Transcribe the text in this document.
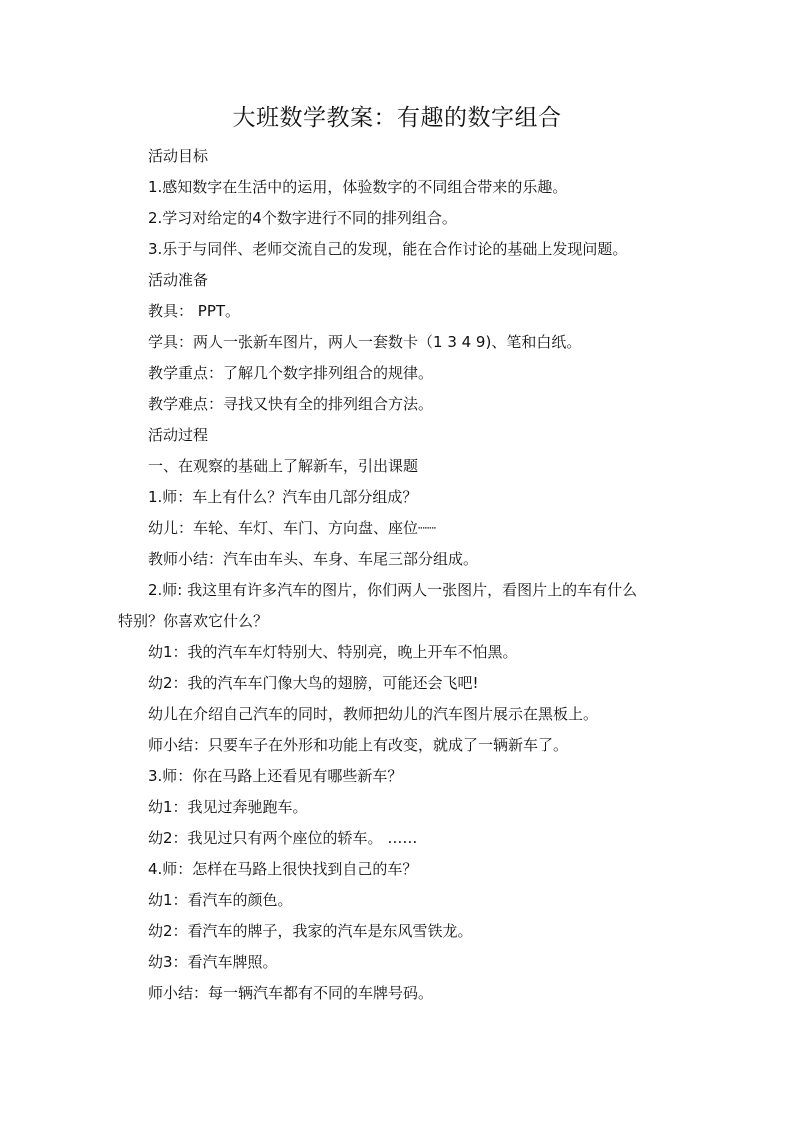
大班数学教案：有趣的数字组合
活动目标
1.感知数字在生活中的运用，体验数字的不同组合带来的乐趣。
2.学习对给定的4个数字进行不同的排列组合。
3.乐于与同伴、老师交流自己的发现，能在合作讨论的基础上发现问题。
活动准备
教具： PPT。
学具：两人一张新车图片，两人一套数卡（1 3 4 9)、笔和白纸。
教学重点：了解几个数字排列组合的规律。
教学难点：寻找又快有全的排列组合方法。
活动过程
一、在观察的基础上了解新车，引出课题
1.师：车上有什么？汽车由几部分组成？
幼儿：车轮、车灯、车门、方向盘、座位┈┈
教师小结：汽车由车头、车身、车尾三部分组成。
2.师: 我这里有许多汽车的图片，你们两人一张图片，看图片上的车有什么
特别？你喜欢它什么？
幼1：我的汽车车灯特别大、特别亮，晚上开车不怕黑。
幼2：我的汽车车门像大鸟的翅膀，可能还会飞吧!
幼儿在介绍自己汽车的同时，教师把幼儿的汽车图片展示在黑板上。
师小结：只要车子在外形和功能上有改变，就成了一辆新车了。
3.师：你在马路上还看见有哪些新车？
幼1：我见过奔驰跑车。
幼2：我见过只有两个座位的轿车。 ……
4.师：怎样在马路上很快找到自己的车？
幼1：看汽车的颜色。
幼2：看汽车的牌子，我家的汽车是东风雪铁龙。
幼3：看汽车牌照。
师小结：每一辆汽车都有不同的车牌号码。
